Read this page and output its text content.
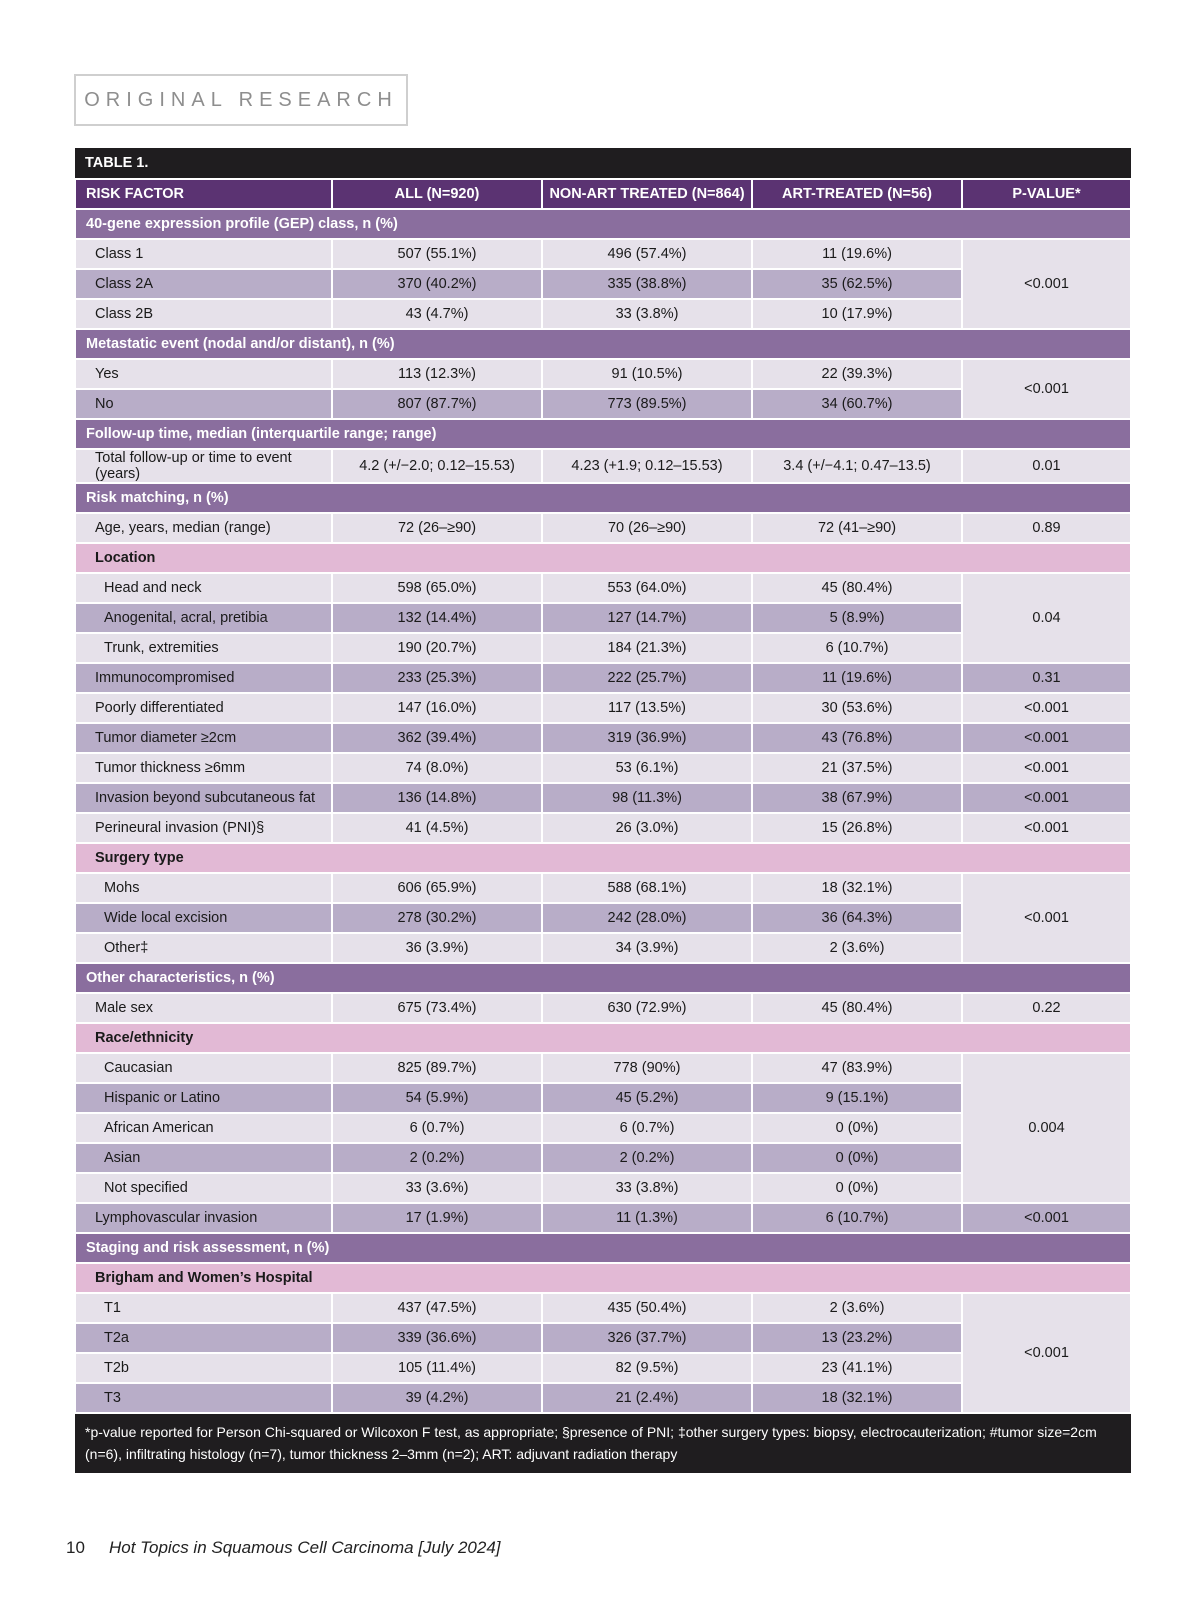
ORIGINAL RESEARCH
TABLE 1.				
RISK FACTOR	ALL (N=920)	NON-ART TREATED (N=864)	ART-TREATED (N=56)	P-VALUE*
40-gene expression profile (GEP) class, n (%)				
Class 1	507 (55.1%)	496 (57.4%)	11 (19.6%)	<0.001
Class 2A	370 (40.2%)	335 (38.8%)	35 (62.5%)	
Class 2B	43 (4.7%)	33 (3.8%)	10 (17.9%)	
Metastatic event (nodal and/or distant), n (%)				
Yes	113 (12.3%)	91 (10.5%)	22 (39.3%)	<0.001
No	807 (87.7%)	773 (89.5%)	34 (60.7%)	
Follow-up time, median (interquartile range; range)				
Total follow-up or time to event (years)	4.2 (+/−2.0; 0.12–15.53)	4.23 (+1.9; 0.12–15.53)	3.4 (+/−4.1; 0.47–13.5)	0.01
Risk matching, n (%)				
Age, years, median (range)	72 (26–≥90)	70 (26–≥90)	72 (41–≥90)	0.89
Location				
Head and neck	598 (65.0%)	553 (64.0%)	45 (80.4%)	0.04
Anogenital, acral, pretibia	132 (14.4%)	127 (14.7%)	5 (8.9%)	
Trunk, extremities	190 (20.7%)	184 (21.3%)	6 (10.7%)	
Immunocompromised	233 (25.3%)	222 (25.7%)	11 (19.6%)	0.31
Poorly differentiated	147 (16.0%)	117 (13.5%)	30 (53.6%)	<0.001
Tumor diameter ≥2cm	362 (39.4%)	319 (36.9%)	43 (76.8%)	<0.001
Tumor thickness ≥6mm	74 (8.0%)	53 (6.1%)	21 (37.5%)	<0.001
Invasion beyond subcutaneous fat	136 (14.8%)	98 (11.3%)	38 (67.9%)	<0.001
Perineural invasion (PNI)§	41 (4.5%)	26 (3.0%)	15 (26.8%)	<0.001
Surgery type				
Mohs	606 (65.9%)	588 (68.1%)	18 (32.1%)	<0.001
Wide local excision	278 (30.2%)	242 (28.0%)	36 (64.3%)	
Other‡	36 (3.9%)	34 (3.9%)	2 (3.6%)	
Other characteristics, n (%)				
Male sex	675 (73.4%)	630 (72.9%)	45 (80.4%)	0.22
Race/ethnicity				
Caucasian	825 (89.7%)	778 (90%)	47 (83.9%)	0.004
Hispanic or Latino	54 (5.9%)	45 (5.2%)	9 (15.1%)	
African American	6 (0.7%)	6 (0.7%)	0 (0%)	
Asian	2 (0.2%)	2 (0.2%)	0 (0%)	
Not specified	33 (3.6%)	33 (3.8%)	0 (0%)	
Lymphovascular invasion	17 (1.9%)	11 (1.3%)	6 (10.7%)	<0.001
Staging and risk assessment, n (%)				
Brigham and Women’s Hospital				
T1	437 (47.5%)	435 (50.4%)	2 (3.6%)	<0.001
T2a	339 (36.6%)	326 (37.7%)	13 (23.2%)	
T2b	105 (11.4%)	82 (9.5%)	23 (41.1%)	
T3	39 (4.2%)	21 (2.4%)	18 (32.1%)	
*p-value reported for Person Chi-squared or Wilcoxon F test, as appropriate; §presence of PNI; ‡other surgery types: biopsy, electrocauterization; #tumor size=2cm (n=6), infiltrating histology (n=7), tumor thickness 2–3mm (n=2); ART: adjuvant radiation therapy				
10 Hot Topics in Squamous Cell Carcinoma [July 2024]
